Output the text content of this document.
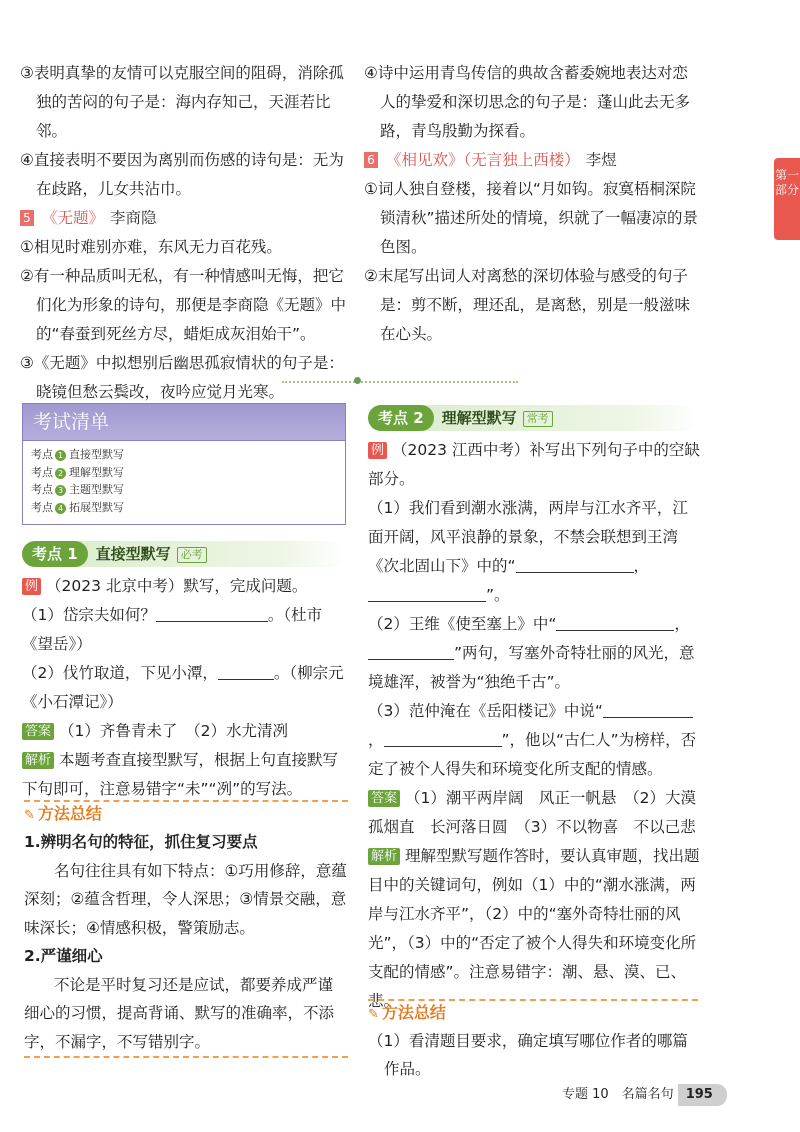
③表明真挚的友情可以克服空间的阻碍，消除孤独的苦闷的句子是：海内存知己，天涯若比邻。

④直接表明不要因为离别而伤感的诗句是：无为在歧路，儿女共沾巾。

5 《无题》 李商隐

①相见时难别亦难，东风无力百花残。

②有一种品质叫无私，有一种情感叫无悔，把它们化为形象的诗句，那便是李商隐《无题》中的“春蚕到死丝方尽，蜡炬成灰泪始干”。

③《无题》中拟想别后幽思孤寂情状的句子是：晓镜但愁云鬓改，夜吟应觉月光寒。

④诗中运用青鸟传信的典故含蓄委婉地表达对恋人的挚爱和深切思念的句子是：蓬山此去无多路，青鸟殷勤为探看。

6 《相见欢》（无言独上西楼） 李煜

①词人独自登楼，接着以“月如钩。寂寞梧桐深院锁清秋”描述所处的情境，织就了一幅凄凉的景色图。

②末尾写出词人对离愁的深切体验与感受的句子是：剪不断，理还乱，是离愁，别是一般滋味在心头。

第一部分
考试清单
考点 1 直接型默写
考点 2 理解型默写
考点 3 主题型默写
考点 4 拓展型默写
考点 1 直接型默写 必考

例 （2023 北京中考）默写，完成问题。

（1）岱宗夫如何？	。（杜市《望岳》）

（2）伐竹取道，下见小潭，	。（柳宗元《小石潭记》）

答案 （1）齐鲁青未了　（2）水尤清冽

解析 本题考查直接型默写，根据上句直接默写下句即可，注意易错字“未”“冽”的写法。

✎ 方法总结

1.辨明名句的特征，抓住复习要点

名句往往具有如下特点：①巧用修辞，意蕴深刻；②蕴含哲理，令人深思；③情景交融，意味深长；④情感积极，警策励志。

2.严谨细心

不论是平时复习还是应试，都要养成严谨细心的习惯，提高背诵、默写的准确率，不添字，不漏字，不写错别字。

考点 2 理解型默写 常考

例 （2023 江西中考）补写出下列句子中的空缺部分。

（1）我们看到潮水涨满，两岸与江水齐平，江面开阔，风平浪静的景象，不禁会联想到王湾《次北固山下》中的“	，”。

（2）王维《使至塞上》中“	，”两句，写塞外奇特壮丽的风光，意境雄浑，被誉为“独绝千古”。

（3）范仲淹在《岳阳楼记》中说“，	”，他以“古仁人”为榜样，否定了被个人得失和环境变化所支配的情感。

答案 （1）潮平两岸阔　风正一帆悬　（2）大漠孤烟直　长河落日圆　（3）不以物喜　不以己悲

解析 理解型默写题作答时，要认真审题，找出题目中的关键词句，例如（1）中的“潮水涨满，两岸与江水齐平”，（2）中的“塞外奇特壮丽的风光”，（3）中的“否定了被个人得失和环境变化所支配的情感”。注意易错字：潮、悬、漠、已、悲。

✎ 方法总结

（1）看清题目要求，确定填写哪位作者的哪篇作品。

专题 10　名篇名句 195
